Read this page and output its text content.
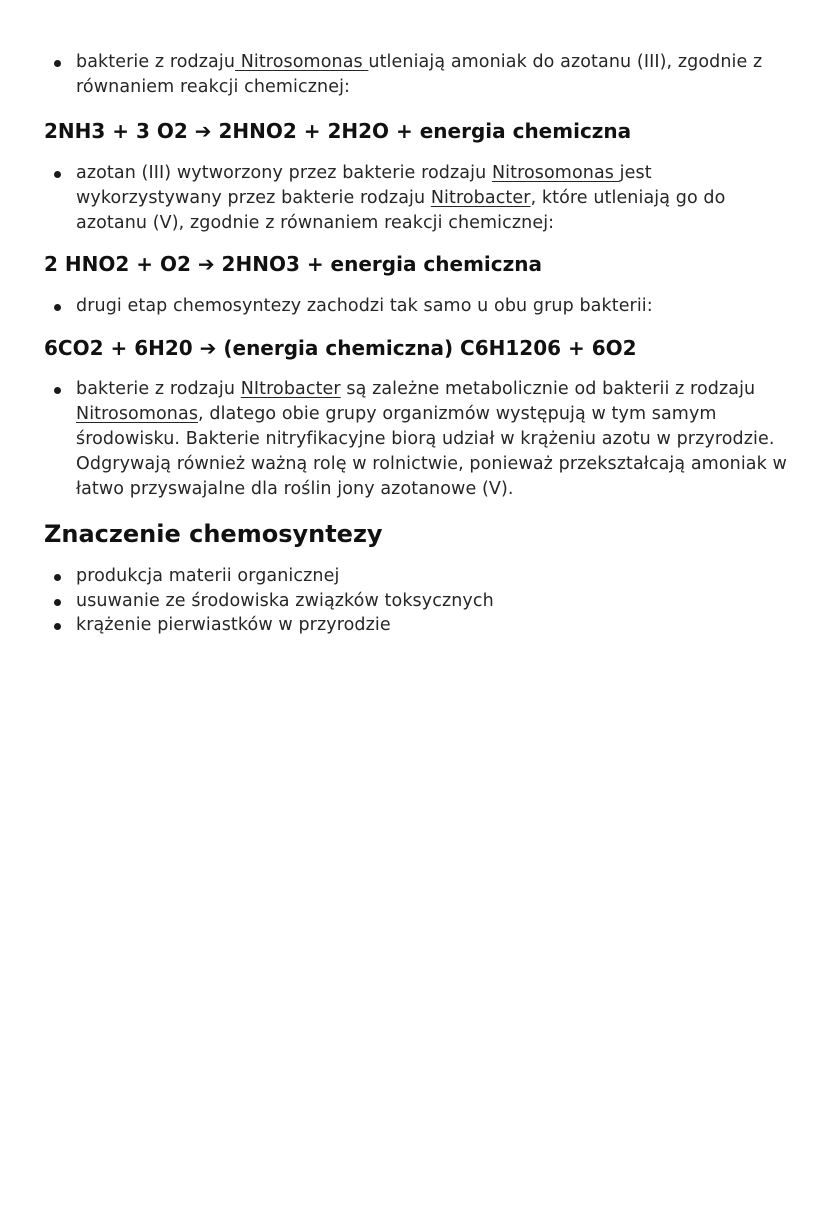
bakterie z rodzaju Nitrosomonas utleniają amoniak do azotanu (III), zgodnie z równaniem reakcji chemicznej:

2NH3 + 3 O2 ➔ 2HNO2 + 2H2O + energia chemiczna

azotan (III) wytworzony przez bakterie rodzaju Nitrosomonas jest wykorzystywany przez bakterie rodzaju Nitrobacter, które utleniają go do azotanu (V), zgodnie z równaniem reakcji chemicznej:

2 HNO2 + O2 ➔ 2HNO3 + energia chemiczna

drugi etap chemosyntezy zachodzi tak samo u obu grup bakterii:

6CO2 + 6H20 ➔ (energia chemiczna) C6H1206 + 6O2

bakterie z rodzaju NItrobacter są zależne metabolicznie od bakterii z rodzaju Nitrosomonas, dlatego obie grupy organizmów występują w tym samym środowisku. Bakterie nitryfikacyjne biorą udział w krążeniu azotu w przyrodzie. Odgrywają również ważną rolę w rolnictwie, ponieważ przekształcają amoniak w łatwo przyswajalne dla roślin jony azotanowe (V).
Znaczenie chemosyntezy
produkcja materii organicznej
usuwanie ze środowiska związków toksycznych
krążenie pierwiastków w przyrodzie
